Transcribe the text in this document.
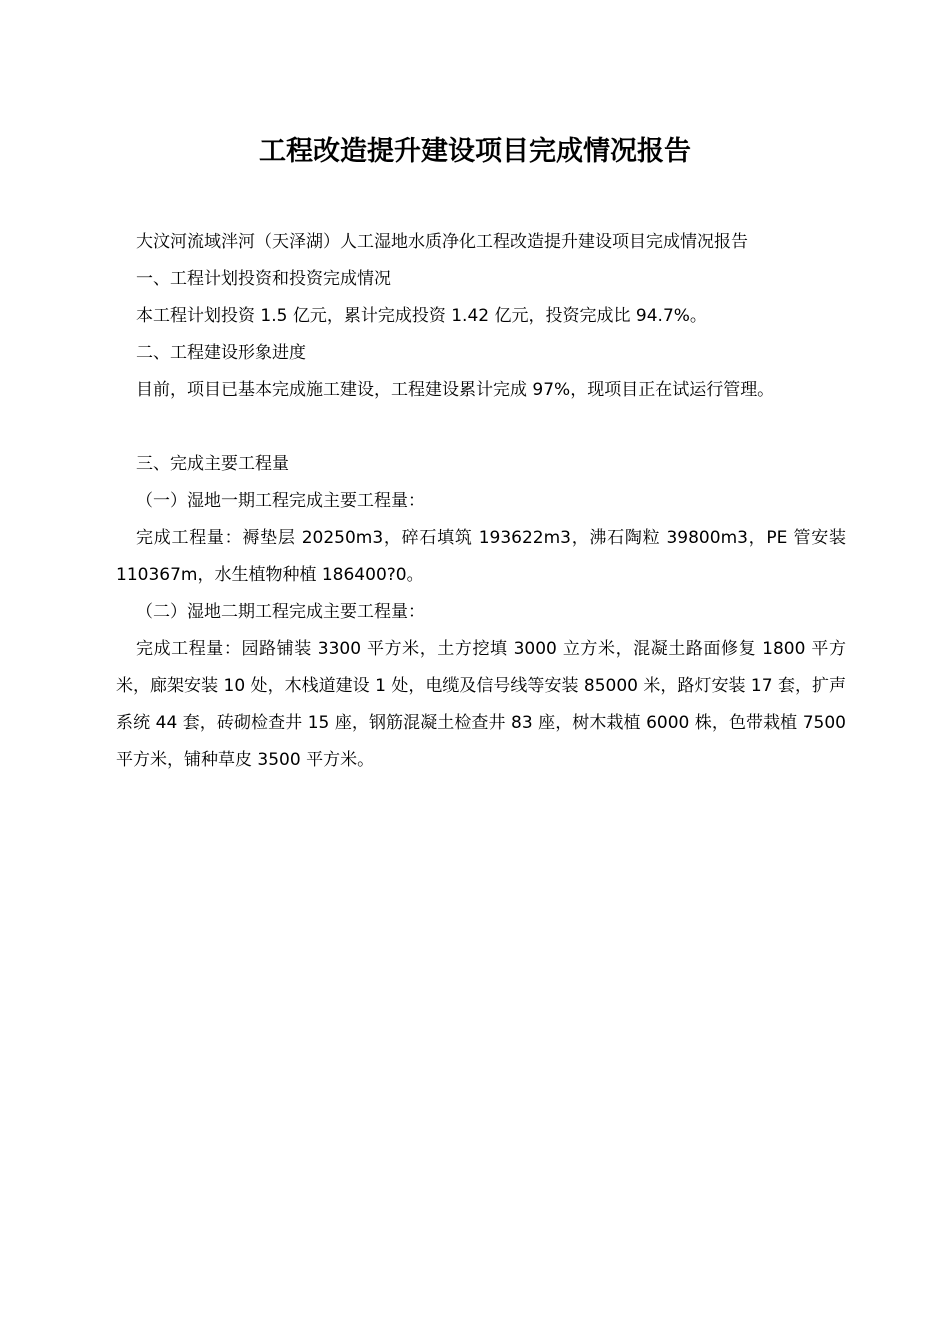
工程改造提升建设项目完成情况报告

大汶河流域泮河（天泽湖）人工湿地水质净化工程改造提升建设项目完成情况报告

一、工程计划投资和投资完成情况

本工程计划投资 1.5 亿元，累计完成投资 1.42 亿元，投资完成比 94.7%。

二、工程建设形象进度

目前，项目已基本完成施工建设，工程建设累计完成 97%，现项目正在试运行管理。

三、完成主要工程量

（一）湿地一期工程完成主要工程量：

完成工程量：褥垫层 20250m3，碎石填筑 193622m3，沸石陶粒 39800m3，PE 管安装 110367m，水生植物种植 186400?0。

（二）湿地二期工程完成主要工程量：

完成工程量：园路铺装 3300 平方米，土方挖填 3000 立方米，混凝土路面修复 1800 平方米，廊架安装 10 处，木栈道建设 1 处，电缆及信号线等安装 85000 米，路灯安装 17 套，扩声系统 44 套，砖砌检查井 15 座，钢筋混凝土检查井 83 座，树木栽植 6000 株，色带栽植 7500 平方米，铺种草皮 3500 平方米。
